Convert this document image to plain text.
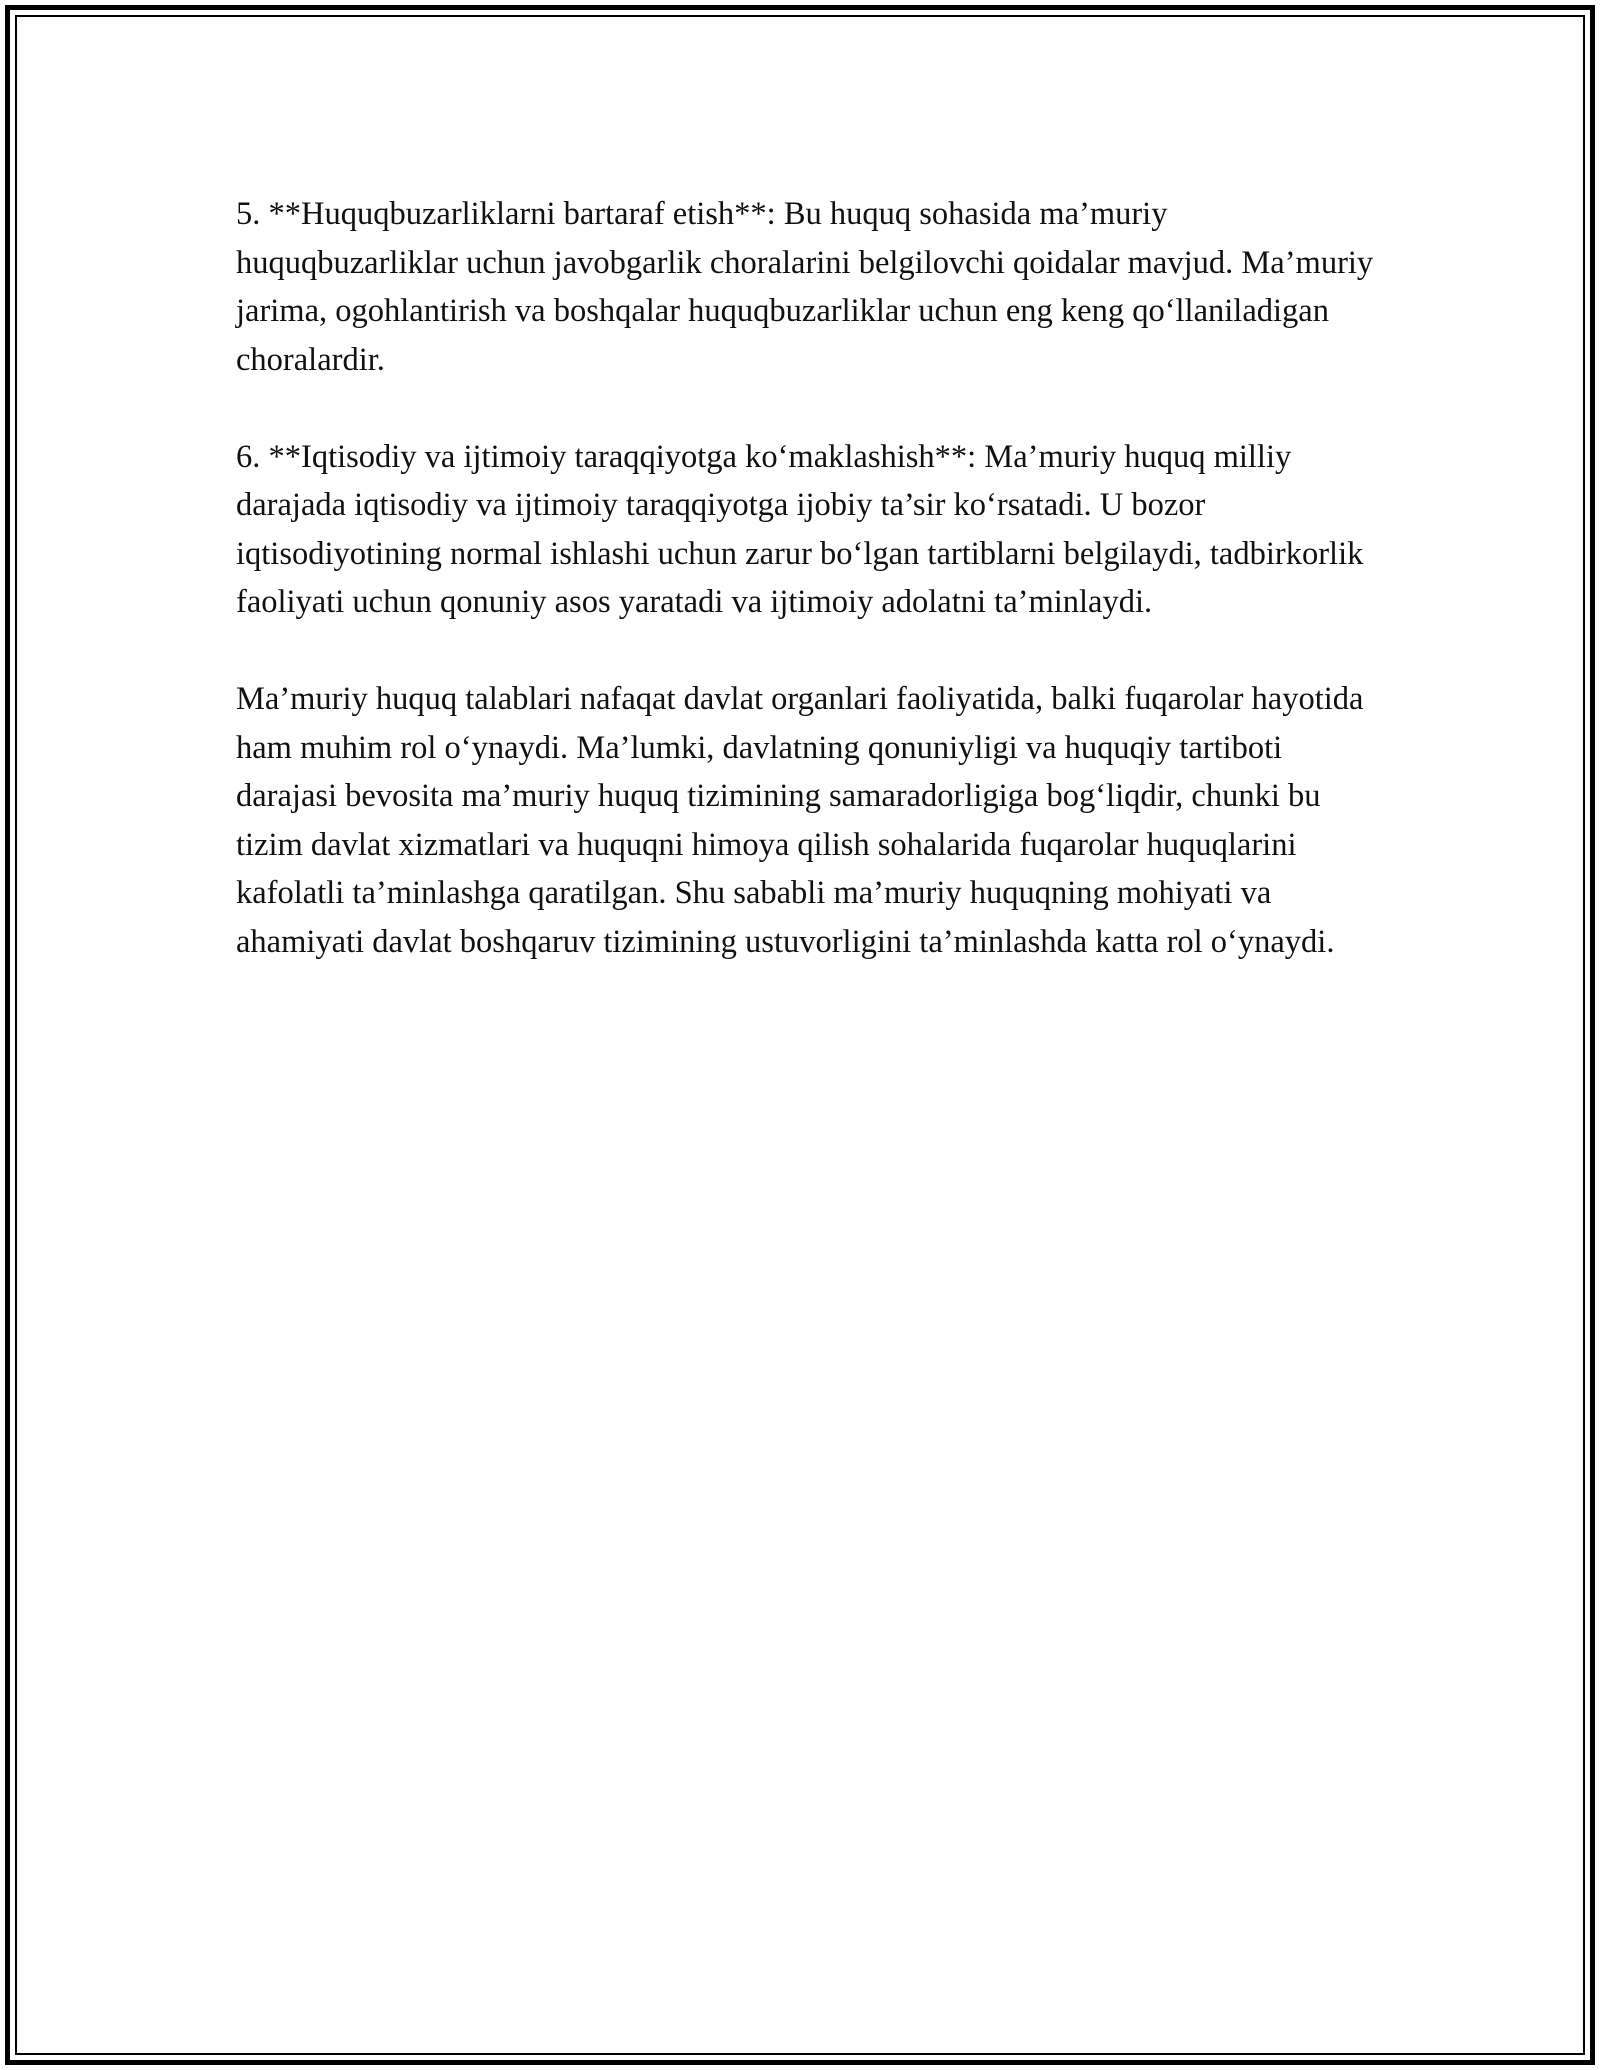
5. **Huquqbuzarliklarni bartaraf etish**: Bu huquq sohasida ma’muriy huquqbuzarliklar uchun javobgarlik choralarini belgilovchi qoidalar mavjud. Ma’muriy jarima, ogohlantirish va boshqalar huquqbuzarliklar uchun eng keng qo‘llaniladigan choralardir.

6. **Iqtisodiy va ijtimoiy taraqqiyotga ko‘maklashish**: Ma’muriy huquq milliy darajada iqtisodiy va ijtimoiy taraqqiyotga ijobiy ta’sir ko‘rsatadi. U bozor iqtisodiyotining normal ishlashi uchun zarur bo‘lgan tartiblarni belgilaydi, tadbirkorlik faoliyati uchun qonuniy asos yaratadi va ijtimoiy adolatni ta’minlaydi.

Ma’muriy huquq talablari nafaqat davlat organlari faoliyatida, balki fuqarolar hayotida ham muhim rol o‘ynaydi. Ma’lumki, davlatning qonuniyligi va huquqiy tartiboti darajasi bevosita ma’muriy huquq tizimining samaradorligiga bog‘liqdir, chunki bu tizim davlat xizmatlari va huquqni himoya qilish sohalarida fuqarolar huquqlarini kafolatli ta’minlashga qaratilgan. Shu sababli ma’muriy huquqning mohiyati va ahamiyati davlat boshqaruv tizimining ustuvorligini ta’minlashda katta rol o‘ynaydi.
